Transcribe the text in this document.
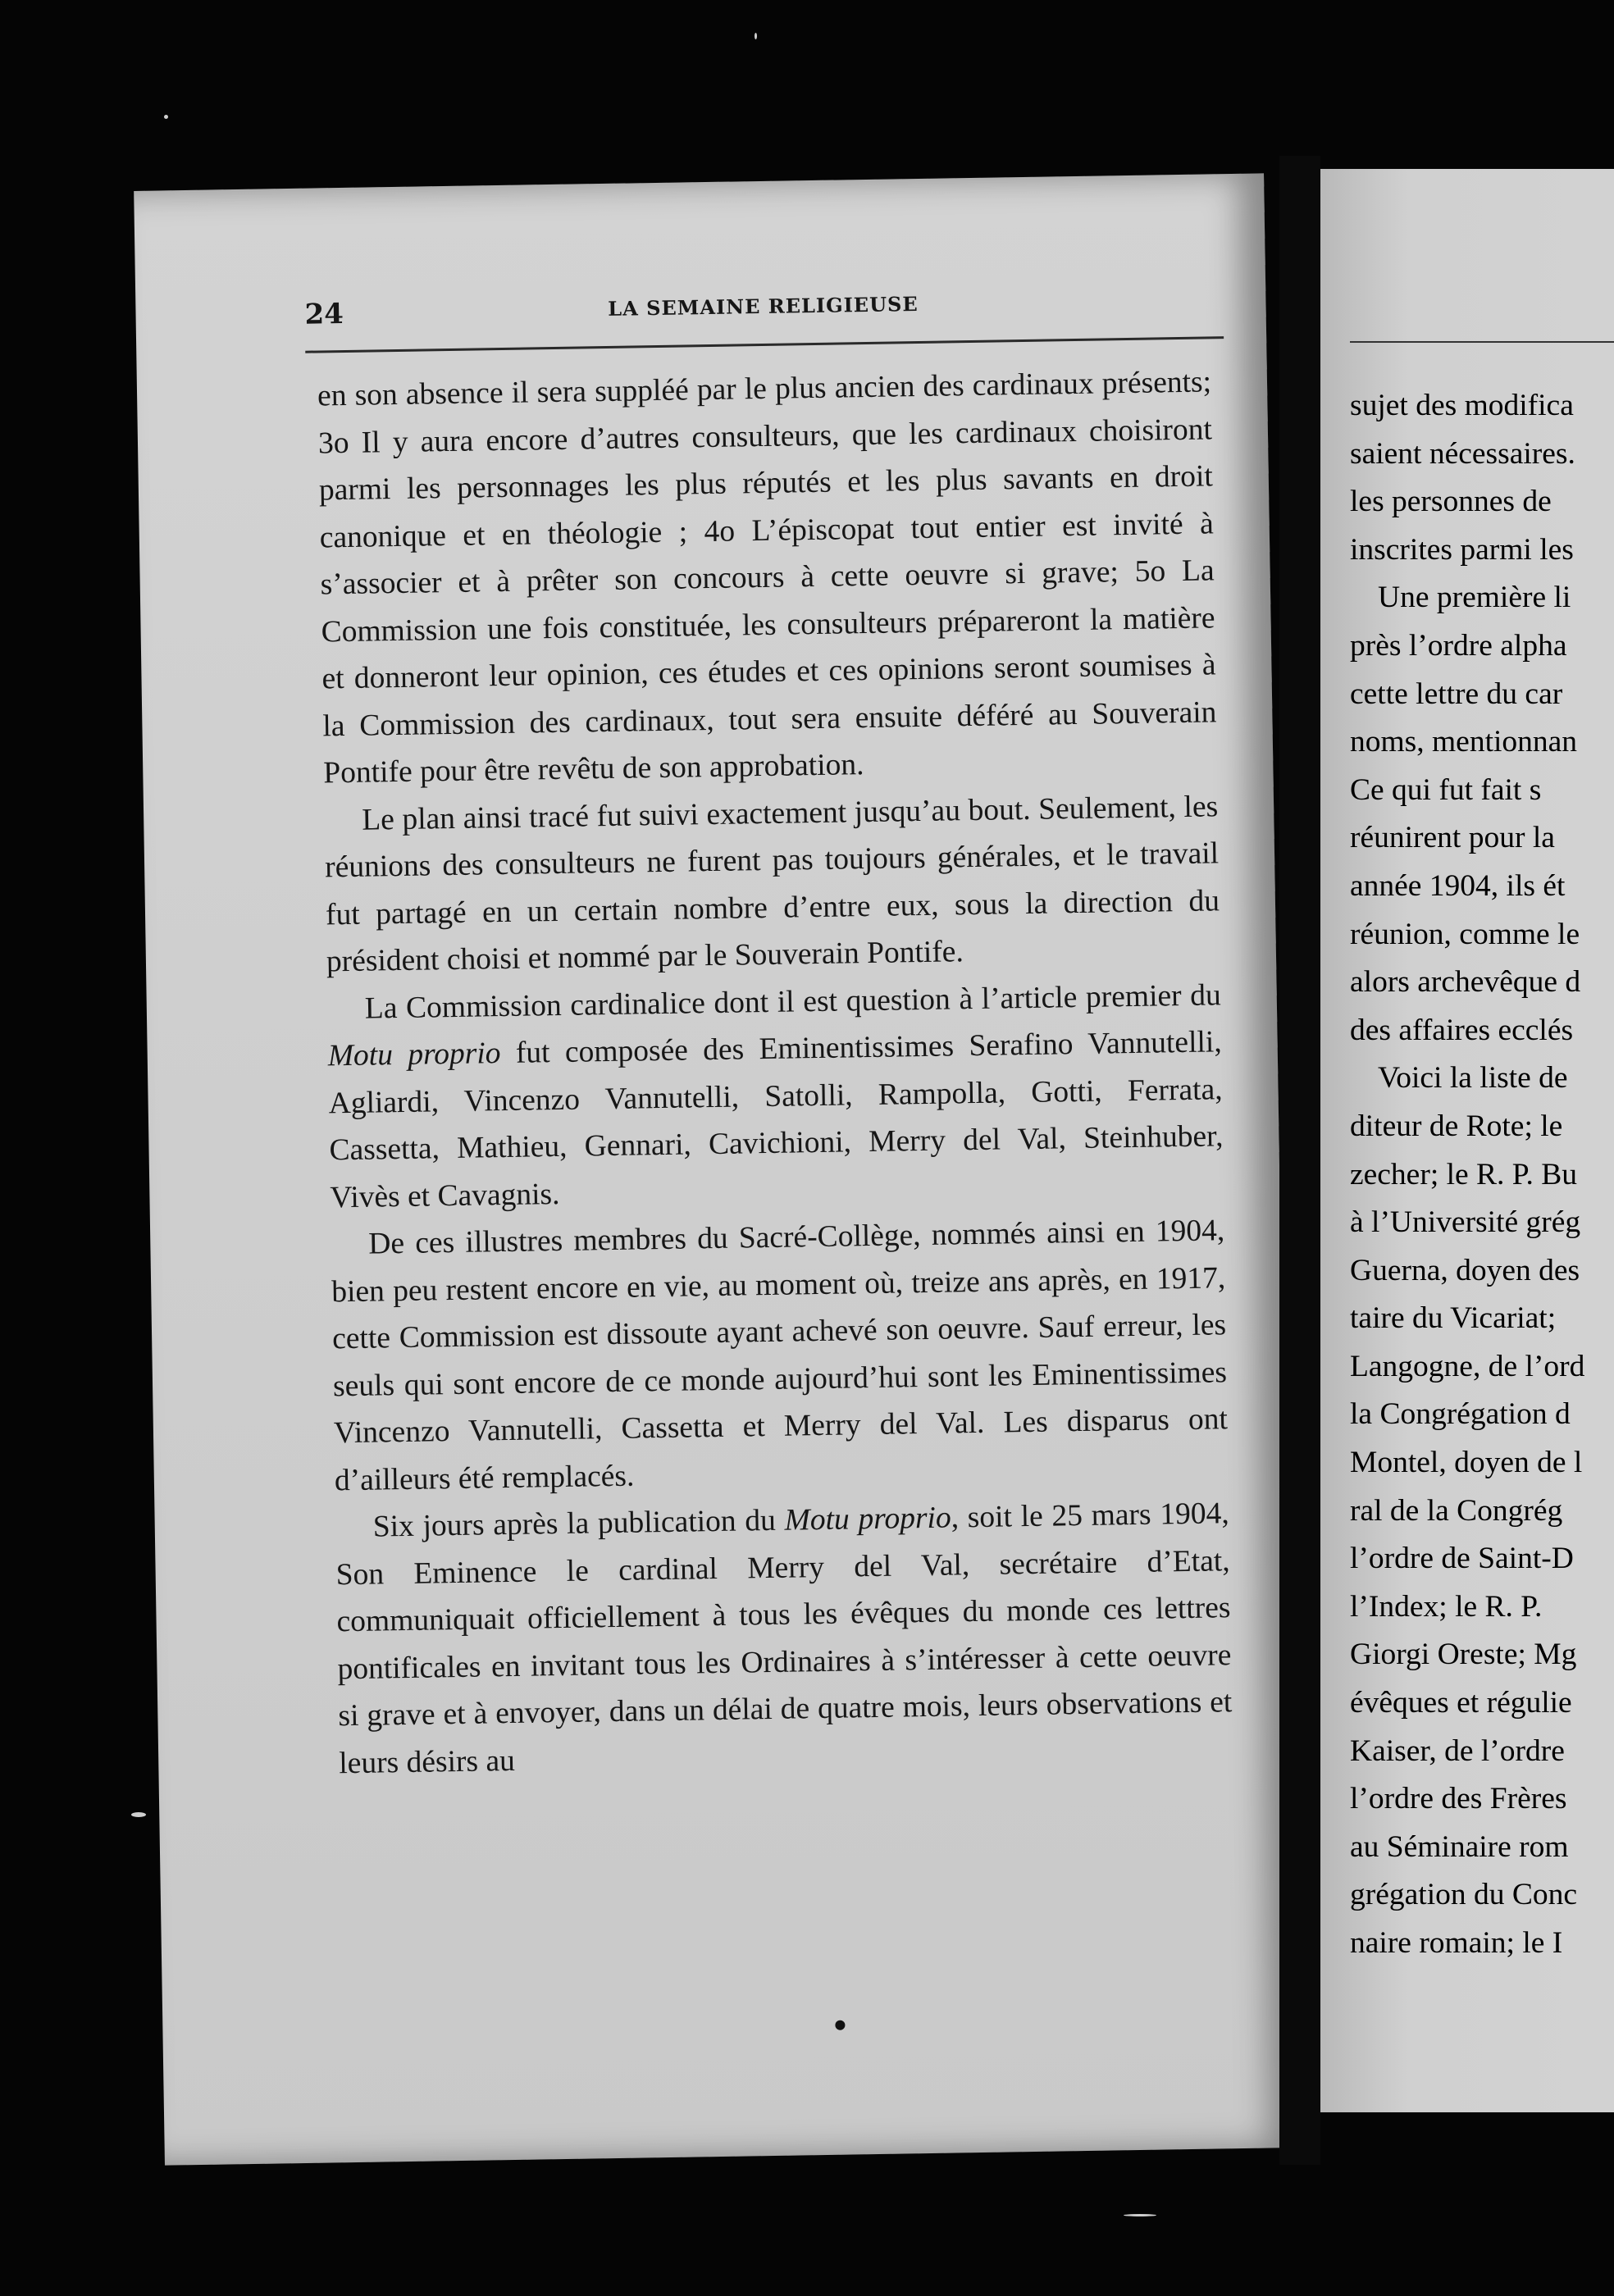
24	LA SEMAINE RELIGIEUSE

en son absence il sera suppléé par le plus ancien des cardinaux présents; 3o Il y aura encore d’autres consulteurs, que les cardinaux choisiront parmi les personnages les plus réputés et les plus savants en droit canonique et en théologie ; 4o L’épiscopat tout entier est invité à s’associer et à prêter son concours à cette oeuvre si grave; 5o La Commission une fois constituée, les consulteurs prépareront la matière et donneront leur opinion, ces études et ces opinions seront soumises à la Commission des cardinaux, tout sera ensuite déféré au Souverain Pontife pour être revêtu de son approbation.

Le plan ainsi tracé fut suivi exactement jusqu’au bout. Seulement, les réunions des consulteurs ne furent pas toujours générales, et le travail fut partagé en un certain nombre d’entre eux, sous la direction du président choisi et nommé par le Souverain Pontife.

La Commission cardinalice dont il est question à l’article premier du Motu proprio fut composée des Eminentissimes Serafino Vannutelli, Agliardi, Vincenzo Vannutelli, Satolli, Rampolla, Gotti, Ferrata, Cassetta, Mathieu, Gennari, Cavichioni, Merry del Val, Steinhuber, Vivès et Cavagnis.

De ces illustres membres du Sacré-Collège, nommés ainsi en 1904, bien peu restent encore en vie, au moment où, treize ans après, en 1917, cette Commission est dissoute ayant achevé son oeuvre. Sauf erreur, les seuls qui sont encore de ce monde aujourd’hui sont les Eminentissimes Vincenzo Vannutelli, Cassetta et Merry del Val. Les disparus ont d’ailleurs été remplacés.

Six jours après la publication du Motu proprio, soit le 25 mars 1904, Son Eminence le cardinal Merry del Val, secrétaire d’Etat, communiquait officiellement à tous les évêques du monde ces lettres pontificales en invitant tous les Ordinaires à s’intéresser à cette oeuvre si grave et à envoyer, dans un délai de quatre mois, leurs observations et leurs désirs au

sujet des modifica
saient nécessaires.
les personnes de
inscrites parmi les
Une première li
près l’ordre alpha
cette lettre du car
noms, mentionnan
Ce qui fut fait s
réunirent pour la
année 1904, ils ét
réunion, comme le
alors archevêque d
des affaires ecclés
Voici la liste de
diteur de Rote; le
zecher; le R. P. Bu
à l’Université grég
Guerna, doyen des
taire du Vicariat;
Langogne, de l’ord
la Congrégation d
Montel, doyen de l
ral de la Congrég
l’ordre de Saint-D
l’Index; le R. P.
Giorgi Oreste; Mg
évêques et régulie
Kaiser, de l’ordre
l’ordre des Frères
au Séminaire rom
grégation du Conc
naire romain; le I
